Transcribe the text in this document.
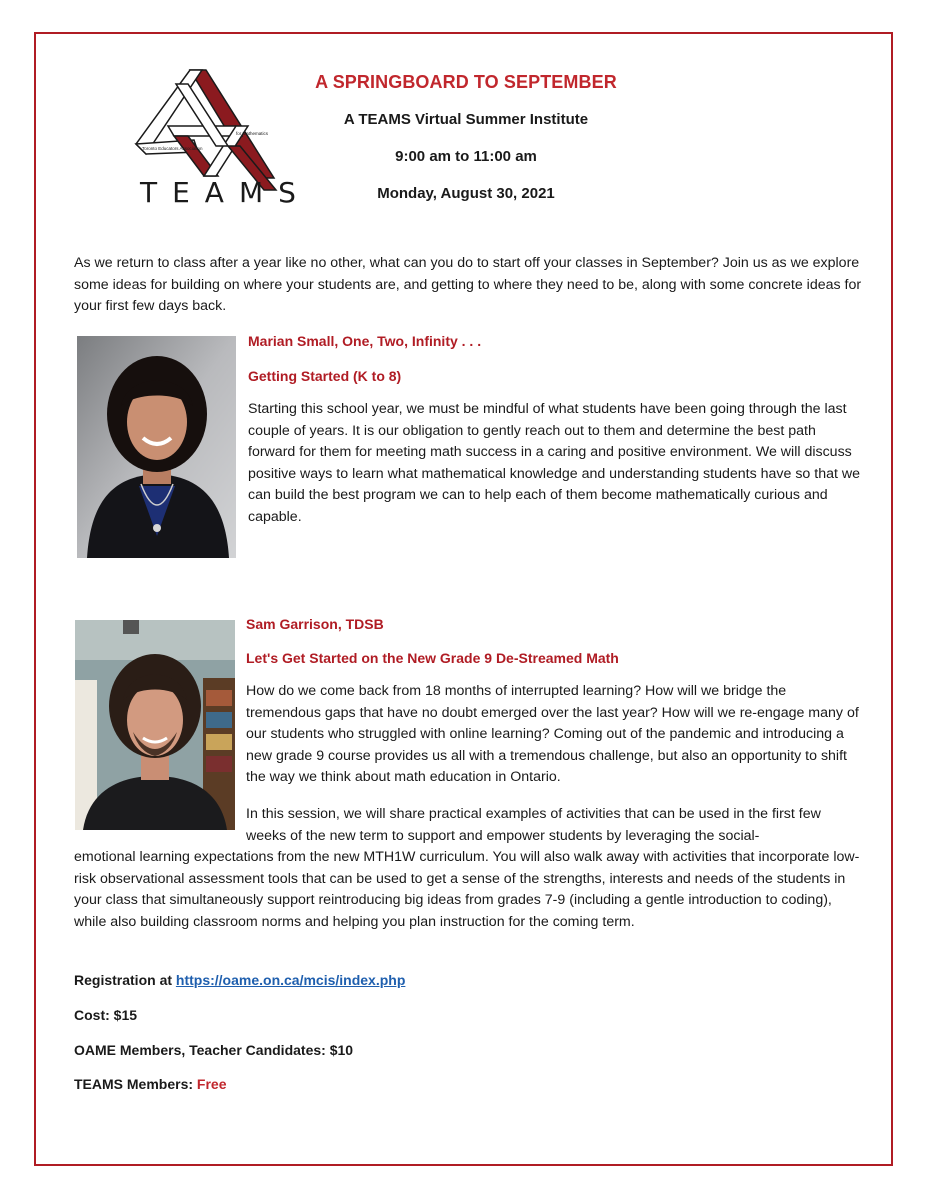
for Mathematics
Toronto Educators Association
TEAMS
A SPRINGBOARD TO SEPTEMBER
A TEAMS Virtual Summer Institute
9:00 am to 11:00 am
Monday, August 30, 2021
As we return to class after a year like no other, what can you do to start off your classes in September? Join us as we explore some ideas for building on where your students are, and getting to where they need to be, along with some concrete ideas for your first few days back.
Marian Small, One, Two, Infinity . . .
Getting Started (K to 8)
Starting this school year, we must be mindful of what students have been going through the last couple of years. It is our obligation to gently reach out to them and determine the best path forward for them for meeting math success in a caring and positive environment. We will discuss positive ways to learn what mathematical knowledge and understanding students have so that we can build the best program we can to help each of them become mathematically curious and capable.
Sam Garrison, TDSB
Let's Get Started on the New Grade 9 De-Streamed Math
How do we come back from 18 months of interrupted learning? How will we bridge the tremendous gaps that have no doubt emerged over the last year? How will we re-engage many of our students who struggled with online learning? Coming out of the pandemic and introducing a new grade 9 course provides us all with a tremendous challenge, but also an opportunity to shift the way we think about math education in Ontario.
In this session, we will share practical examples of activities that can be used in the first few weeks of the new term to support and empower students by leveraging the social-
emotional learning expectations from the new MTH1W curriculum. You will also walk away with activities that incorporate low-risk observational assessment tools that can be used to get a sense of the strengths, interests and needs of the students in your class that simultaneously support reintroducing big ideas from grades 7-9 (including a gentle introduction to coding), while also building classroom norms and helping you plan instruction for the coming term.
Registration at https://oame.on.ca/mcis/index.php
Cost: $15
OAME Members, Teacher Candidates: $10
TEAMS Members: Free
